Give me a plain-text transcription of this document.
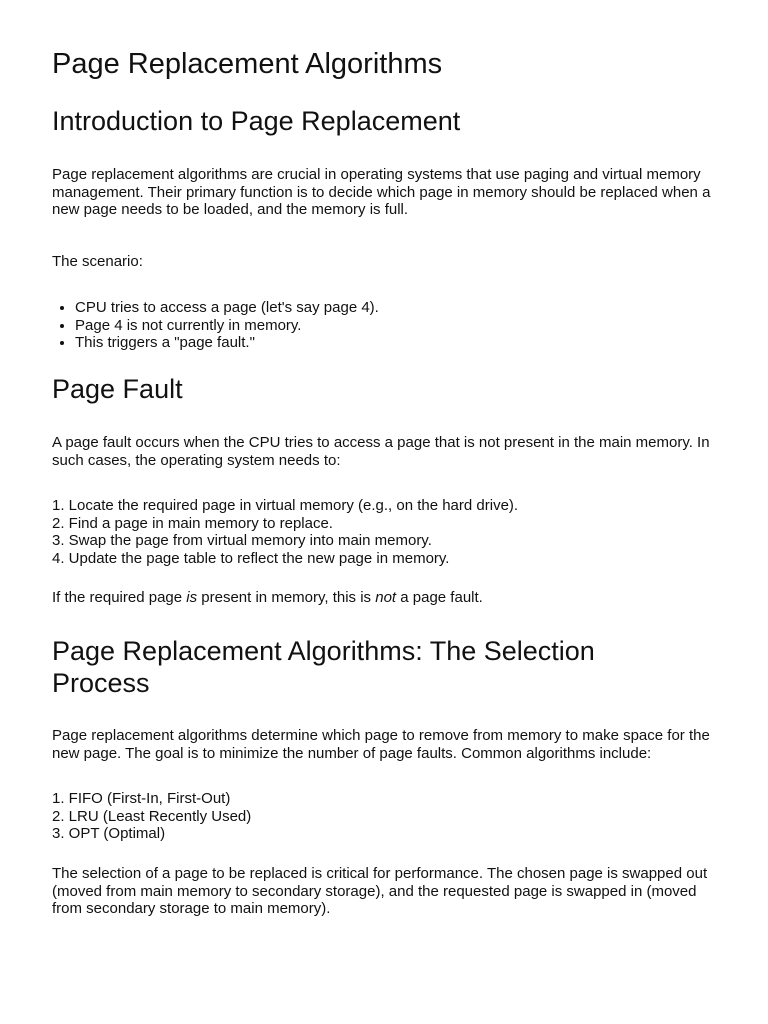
Page Replacement Algorithms
Introduction to Page Replacement

Page replacement algorithms are crucial in operating systems that use paging and virtual memory management. Their primary function is to decide which page in memory should be replaced when a new page needs to be loaded, and the memory is full.

The scenario:

• CPU tries to access a page (let's say page 4).
• Page 4 is not currently in memory.
• This triggers a "page fault."
Page Fault

A page fault occurs when the CPU tries to access a page that is not present in the main memory. In such cases, the operating system needs to:

1. Locate the required page in virtual memory (e.g., on the hard drive).
2. Find a page in main memory to replace.
3. Swap the page from virtual memory into main memory.
4. Update the page table to reflect the new page in memory.

If the required page is present in memory, this is not a page fault.

Page Replacement Algorithms: The Selection Process

Page replacement algorithms determine which page to remove from memory to make space for the new page. The goal is to minimize the number of page faults. Common algorithms include:

1. FIFO (First-In, First-Out)
2. LRU (Least Recently Used)
3. OPT (Optimal)

The selection of a page to be replaced is critical for performance. The chosen page is swapped out (moved from main memory to secondary storage), and the requested page is swapped in (moved from secondary storage to main memory).
